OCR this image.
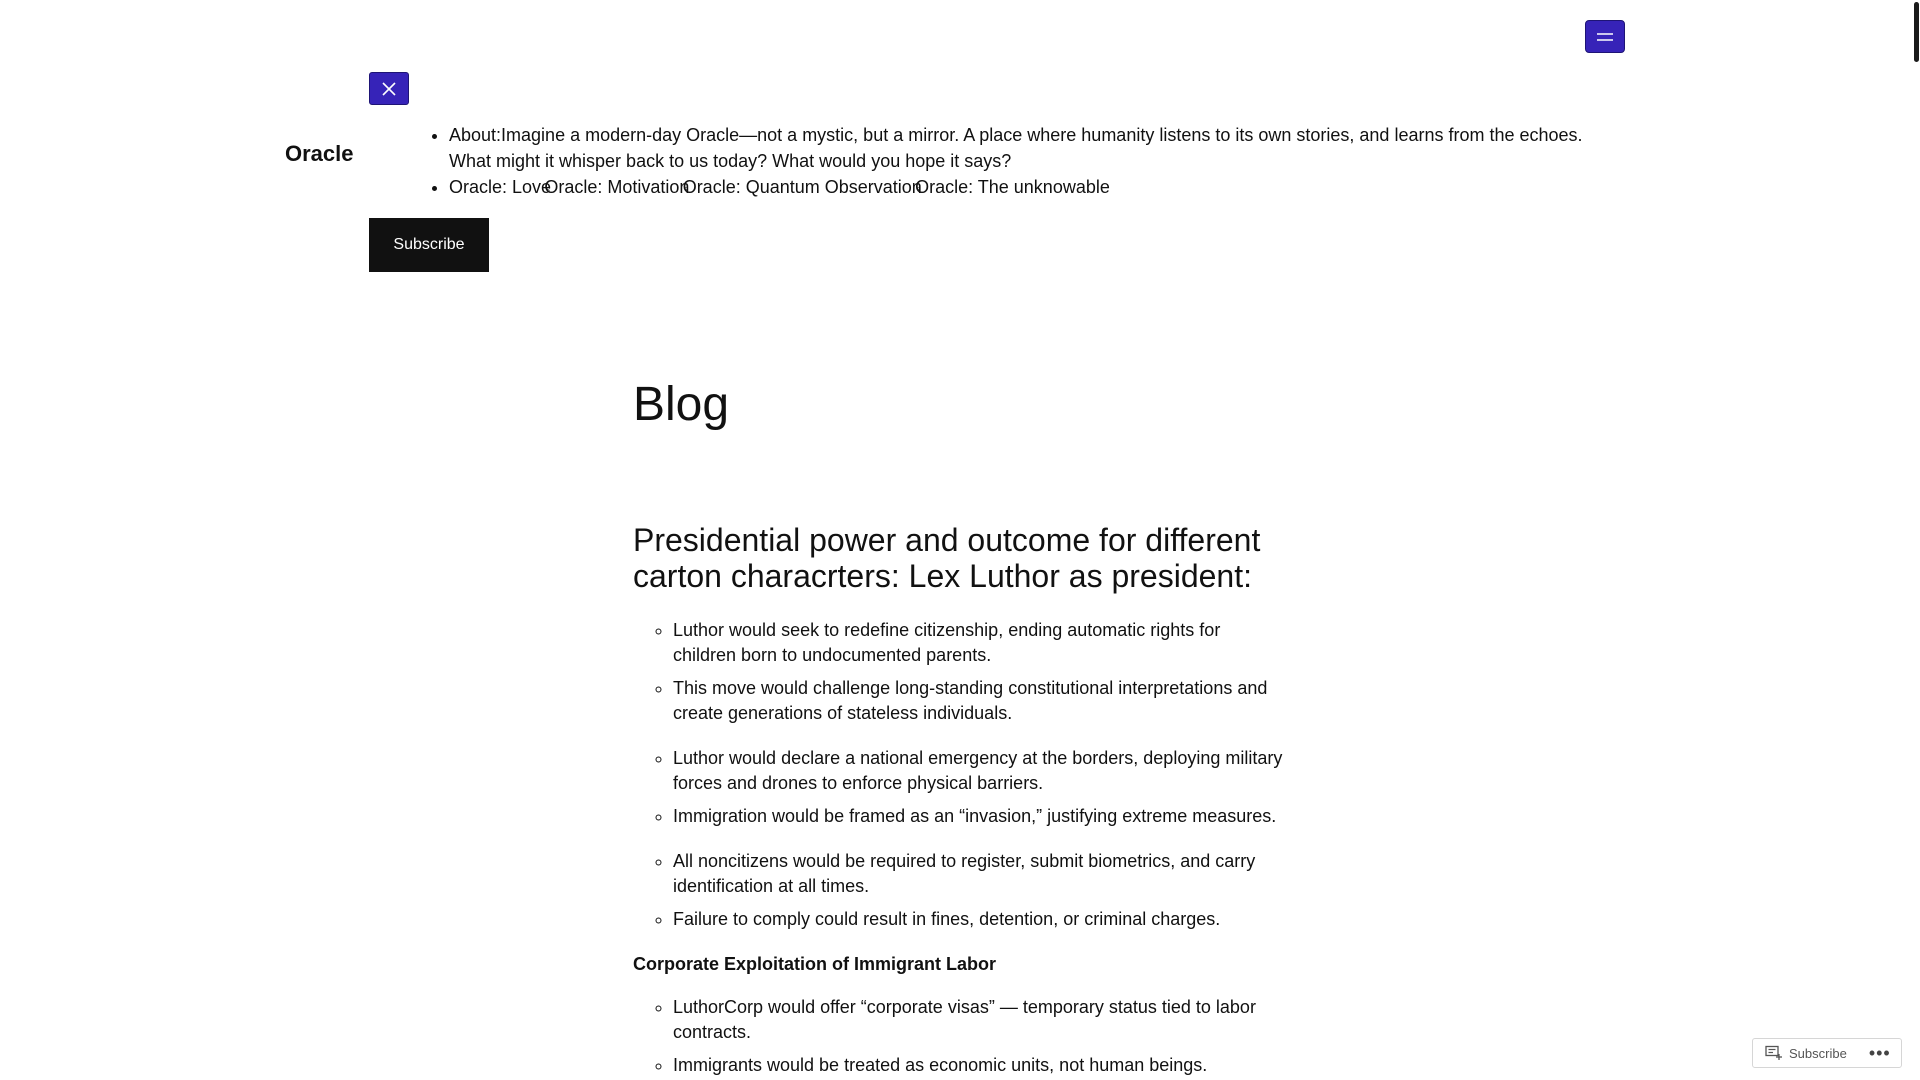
Oracle
• About:Imagine a modern-day Oracle—not a mystic, but a mirror. A place where humanity listens to its own stories, and learns from the echoes. What might it whisper back to us today? What would you hope it says?
• Oracle: Love ◦ Oracle: Motivation ◦ Oracle: Quantum Observation ◦ Oracle: The unknowable
Subscribe
Blog
Presidential power and outcome for different carton characrters: Lex Luthor as president:
◦ Luthor would seek to redefine citizenship, ending automatic rights for children born to undocumented parents.
◦ This move would challenge long-standing constitutional interpretations and create generations of stateless individuals.
◦ Luthor would declare a national emergency at the borders, deploying military forces and drones to enforce physical barriers.
◦ Immigration would be framed as an “invasion,” justifying extreme measures.
◦ All noncitizens would be required to register, submit biometrics, and carry identification at all times.
◦ Failure to comply could result in fines, detention, or criminal charges.

Corporate Exploitation of Immigrant Labor

◦ LuthorCorp would offer “corporate visas” — temporary status tied to labor contracts.
◦ Immigrants would be treated as economic units, not human beings.
Subscribe	•••
